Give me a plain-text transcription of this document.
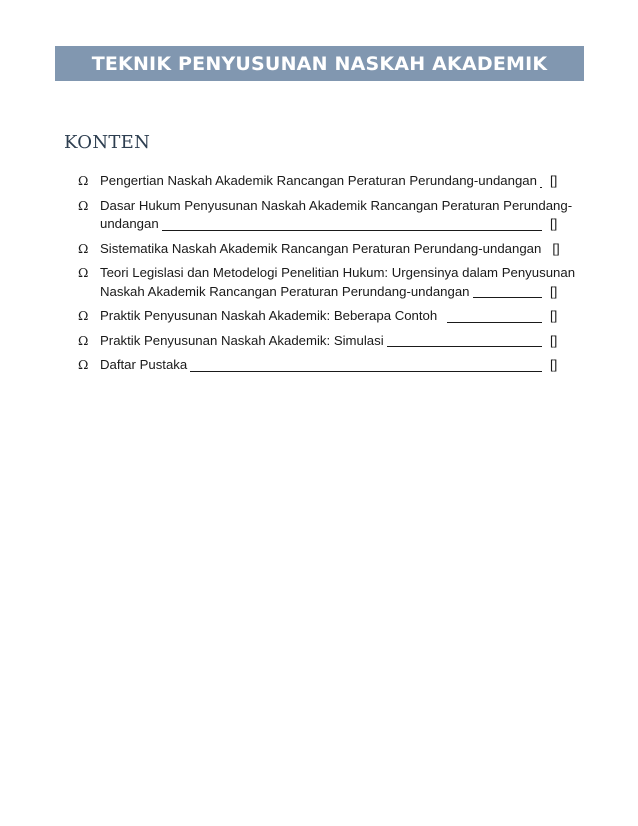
TEKNIK PENYUSUNAN NASKAH AKADEMIK
KONTEN
Ω Pengertian Naskah Akademik Rancangan Peraturan Perundang-undangan []
Ω Dasar Hukum Penyusunan Naskah Akademik Rancangan Peraturan Perundang-
undangan	[]
Ω Sistematika Naskah Akademik Rancangan Peraturan Perundang-undangan []
Ω Teori Legislasi dan Metodelogi Penelitian Hukum: Urgensinya dalam Penyusunan
Naskah Akademik Rancangan Peraturan Perundang-undangan	[]
Ω Praktik Penyusunan Naskah Akademik: Beberapa Contoh	[]
Ω Praktik Penyusunan Naskah Akademik: Simulasi	[]
Ω Daftar Pustaka	[]
